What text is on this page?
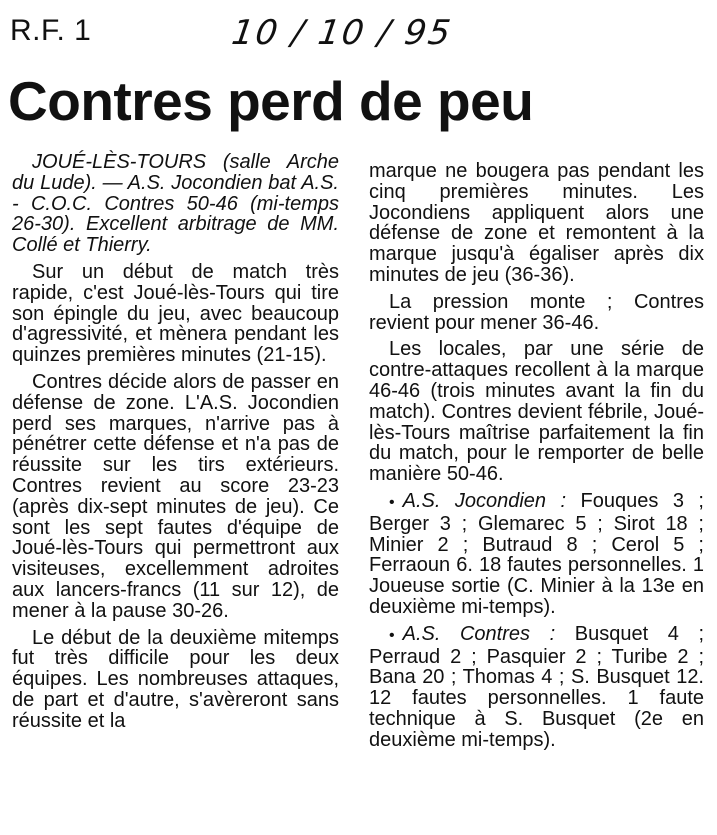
R.F. 1	10 / 10 / 95
Contres perd de peu

JOUÉ-LÈS-TOURS (salle Arche du Lude). — A.S. Jocondien bat A.S. - C.O.C. Contres 50-46 (mi-temps 26-30). Excellent arbitrage de MM. Collé et Thierry.

Sur un début de match très rapide, c'est Joué-lès-Tours qui tire son épingle du jeu, avec beaucoup d'agressivité, et mènera pendant les quinzes premières minutes (21-15).

Contres décide alors de passer en défense de zone. L'A.S. Jocondien perd ses marques, n'arrive pas à pénétrer cette défense et n'a pas de réussite sur les tirs extérieurs. Contres revient au score 23-23 (après dix-sept minutes de jeu). Ce sont les sept fautes d'équipe de Joué-lès-Tours qui permettront aux visiteuses, excellemment adroites aux lancers-francs (11 sur 12), de mener à la pause 30-26.

Le début de la deuxième mitemps fut très difficile pour les deux équipes. Les nombreuses attaques, de part et d'autre, s'avèreront sans réussite et la

marque ne bougera pas pendant les cinq premières minutes. Les Jocondiens appliquent alors une défense de zone et remontent à la marque jusqu'à égaliser après dix minutes de jeu (36-36).

La pression monte ; Contres revient pour mener 36-46.

Les locales, par une série de contre-attaques recollent à la marque 46-46 (trois minutes avant la fin du match). Contres devient fébrile, Joué-lès-Tours maîtrise parfaitement la fin du match, pour le remporter de belle manière 50-46.

• A.S. Jocondien : Fouques 3 ; Berger 3 ; Glemarec 5 ; Sirot 18 ; Minier 2 ; Butraud 8 ; Cerol 5 ; Ferraoun 6. 18 fautes personnelles. 1 Joueuse sortie (C. Minier à la 13e en deuxième mi-temps).

• A.S. Contres : Busquet 4 ; Perraud 2 ; Pasquier 2 ; Turibe 2 ; Bana 20 ; Thomas 4 ; S. Busquet 12. 12 fautes personnelles. 1 faute technique à S. Busquet (2e en deuxième mi-temps).
